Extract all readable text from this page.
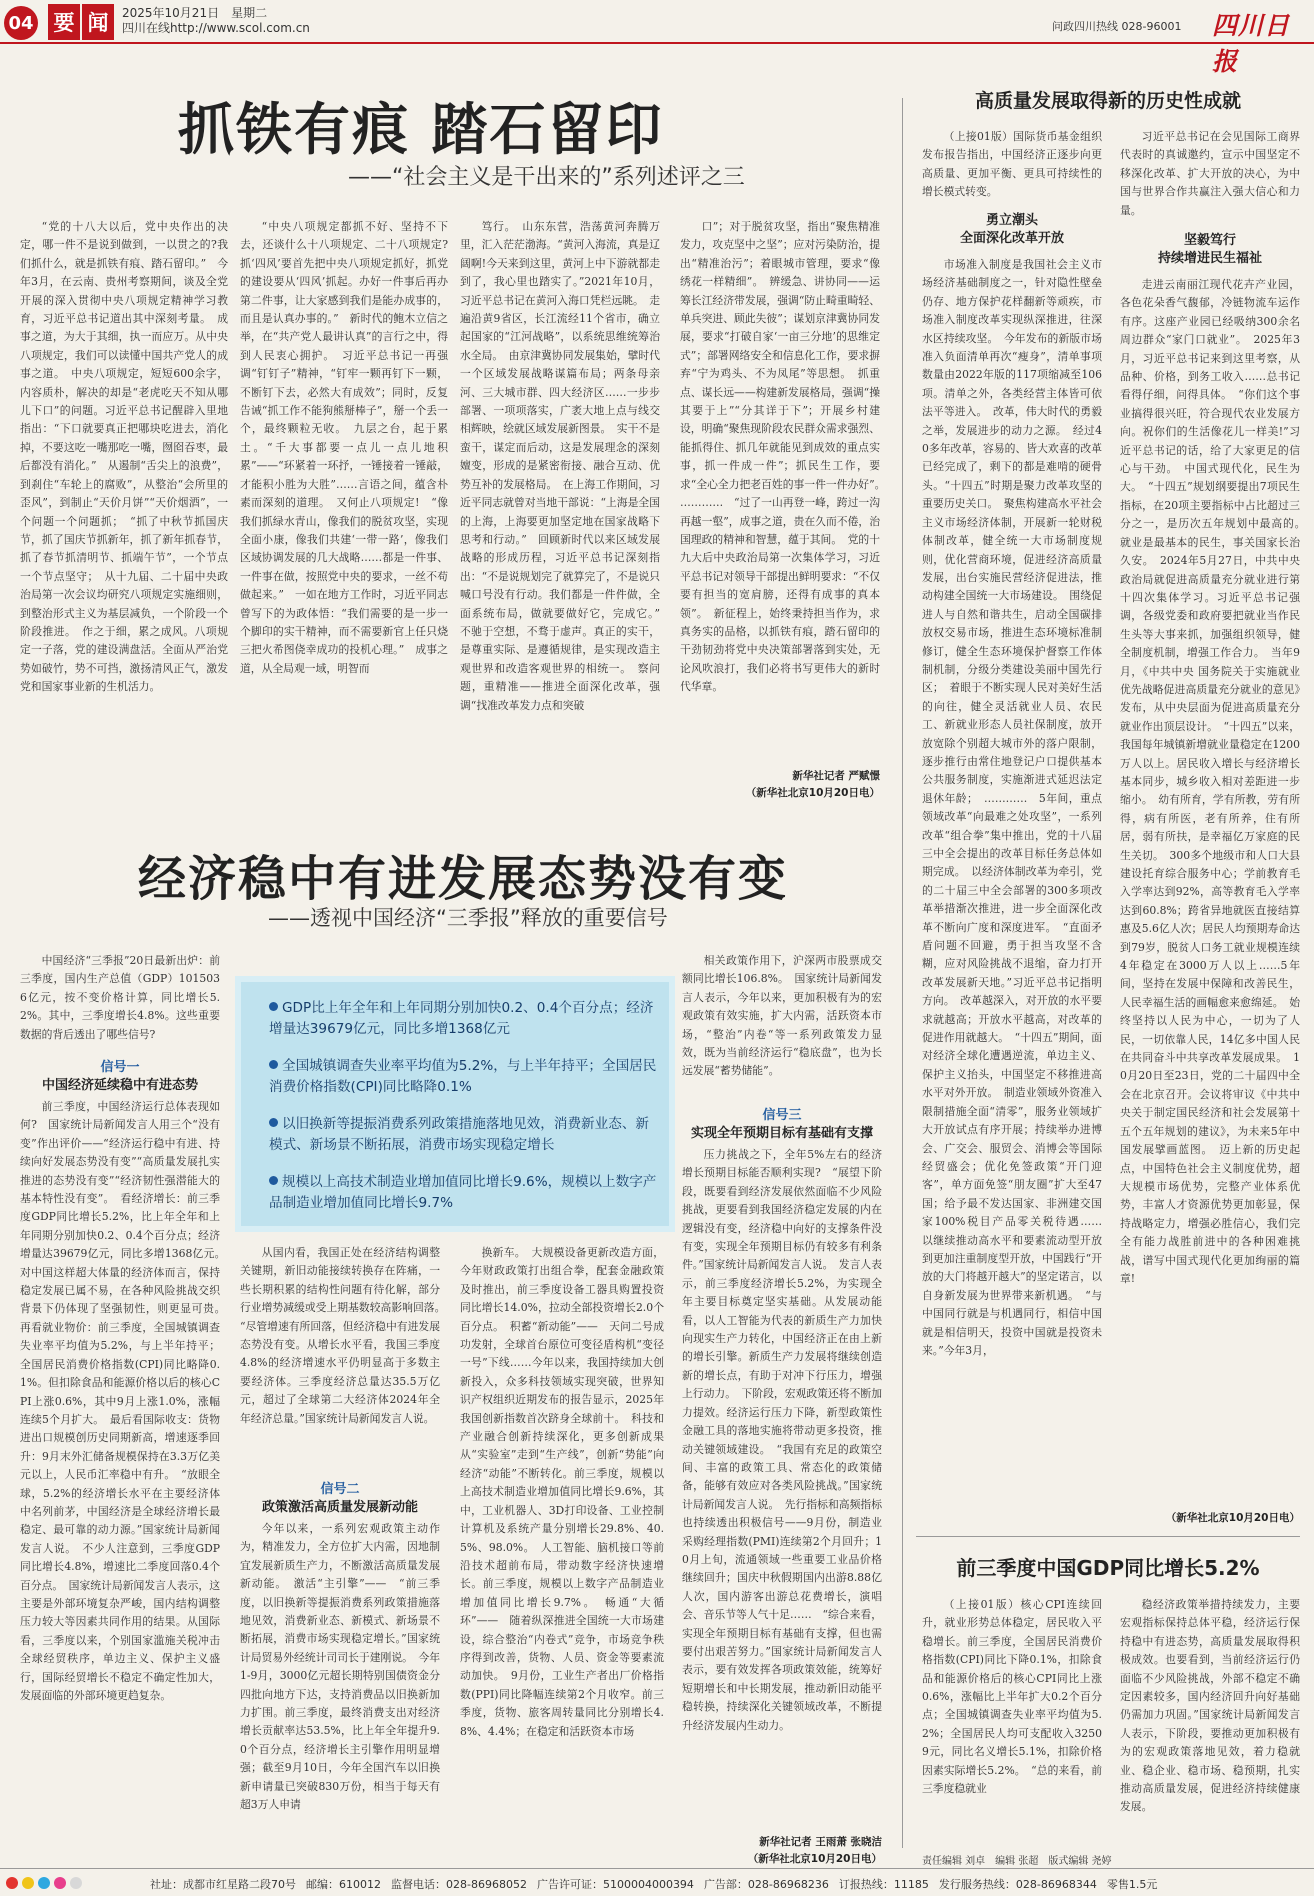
04 要 闻	2025年10月21日　 星期二
四川在线http://www.scol.com.cn	问政四川热线 028-96001 四川日报
抓铁有痕 踏石留印
——“社会主义是干出来的”系列述评之三
“党的十八大以后，党中央作出的决定，哪一件不是说到做到，一以贯之的?我们抓什么，就是抓铁有痕、踏石留印。”　今年3月，在云南、贵州考察期间，谈及全党开展的深入贯彻中央八项规定精神学习教育，习近平总书记道出其中深刻考量。　成事之道，为大于其细，执一而应万。从中央八项规定，我们可以读懂中国共产党人的成事之道。　中央八项规定，短短600余字，内容质朴，解决的却是“老虎吃天不知从哪儿下口”的问题。习近平总书记醒辟入里地指出：“下口就要真正把哪块吃进去，消化掉，不要这吃一嘴那吃一嘴，囫囵吞枣，最后都没有消化。”　从遏制“舌尖上的浪费”，到刹住“车轮上的腐败”，从整治“会所里的歪风”，到制止“天价月饼”“天价烟酒”，一个问题一个问题抓；　“抓了中秋节抓国庆节，抓了国庆节抓新年，抓了新年抓春节，抓了春节抓清明节、抓端午节”，一个节点一个节点坚守；　从十九届、二十届中央政治局第一次会议均研究八项规定实施细则，到整治形式主义为基层减负，一个阶段一个阶段推进。　作之于细，累之成风。八项规定一子落，党的建设满盘活。全面从严治党势如破竹，势不可挡，激扬清风正气，激发党和国家事业新的生机活力。
“中央八项规定都抓不好、坚持不下去，还谈什么十八项规定、二十八项规定?抓‘四风’要首先把中央八项规定抓好，抓党的建设要从‘四风’抓起。办好一件事后再办第二件事，让大家感到我们是能办成事的，而且是认真办事的。”　新时代的鲍木立信之举，在“共产党人最讲认真”的言行之中，得到人民衷心拥护。　习近平总书记一再强调“钉钉子”精神，“钉牢一颗再钉下一颗，不断钉下去，必然大有成效”；同时，反复告诫“抓工作不能狗熊掰棒子”，掰一个丢一个，最终颗粒无收。　九层之台，起于累土。“千大事都要一点儿一点儿地积累”——“环紧着一环抒，一锤接着一锤敲，才能积小胜为大胜”……言语之间，蕴含朴素而深刻的道理。　又何止八项规定!　“像我们抓绿水青山，像我们的脱贫攻坚，实现全面小康，像我们共建‘一带一路’，像我们区域协调发展的几大战略……都是一件事、一件事在做，按照党中央的要求，一丝不苟做起来。”　一如在地方工作时，习近平同志曾写下的为政体悟：“我们需要的是一步一个脚印的实干精神，而不需要新官上任只烧三把火希图侥幸成功的投机心理。”　成事之道，从全局观一域，明智而
笃行。　山东东营，浩荡黄河奔腾万里，汇入茫茫渤海。“黄河入海流，真是辽阔啊!今天来到这里，黄河上中下游就都走到了，我心里也踏实了。”2021年10月，习近平总书记在黄河入海口凭栏远眺。　走遍沿黄9省区，长江流经11个省市，确立起国家的“江河战略”，以系统思维统筹治水全局。　由京津冀协同发展集始，擘时代一个区域发展战略谋篇布局；两条母亲河、三大城市群、四大经济区……一步步部署、一项项落实，广袤大地上点与线交相辉映，绘就区域发展新图景。　实干不是蛮干，谋定而后动，这是发展理念的深刻嬗变，形成的是紧密衔接、融合互动、优势互补的发展格局。　在上海工作期间，习近平同志就曾对当地干部说：“上海是全国的上海，上海要更加坚定地在国家战略下思考和行动。”　回顾新时代以来区域发展战略的形成历程，习近平总书记深刻指出：“不是说规划完了就算完了，不是说只喊口号没有行动。我们都是一件件做，全面系统布局，做就要做好它，完成它。”　不驰于空想，不骛于虚声。真正的实干，是尊重实际、是遵循规律，是实现改造主观世界和改造客观世界的相统一。　察问题，重精准——推进全面深化改革，强调“找准改革发力点和突破
口”；对于脱贫攻坚，指出“聚焦精准发力，攻克坚中之坚”；应对污染防治，提出“精准治污”；着眼城市管理，要求“像绣花一样精细”。　辨缓急、讲协同——运筹长江经济带发展，强调“防止畸重畸轻、单兵突进、顾此失彼”；谋划京津冀协同发展，要求“打破自家‘一亩三分地’的思维定式”；部署网络安全和信息化工作，要求摒弃“宁为鸡头、不为凤尾”等思想。　抓重点、谋长远——构建新发展格局，强调“操其要于上”“分其详于下”；开展乡村建设，明确“聚焦现阶段农民群众需求强烈、能抓得住、抓几年就能见到成效的重点实事，抓一件成一件”；抓民生工作，要求“全心全力把老百姓的事一件一件办好”。　…………　“过了一山再登一峰，跨过一沟再越一壑”，成事之道，贵在久而不倦，治国理政的精神和智慧，蕴于其间。　党的十九大后中央政治局第一次集体学习，习近平总书记对领导干部提出鲜明要求：“不仅要有担当的宽肩膀，还得有成事的真本领”。　新征程上，始终秉持担当作为，求真务实的品格，以抓铁有痕，踏石留印的干劲韧劲将党中央决策部署落到实处，无论风吹浪打，我们必将书写更伟大的新时代华章。
新华社记者 严赋憬
（新华社北京10月20日电）
经济稳中有进发展态势没有变
——透视中国经济“三季报”释放的重要信号
中国经济“三季报”20日最新出炉：前三季度，国内生产总值（GDP）1015036亿元，按不变价格计算，同比增长5.2%。其中，三季度增长4.8%。这些重要数据的背后透出了哪些信号?
信号一
中国经济延续稳中有进态势
前三季度，中国经济运行总体表现如何?　国家统计局新闻发言人用三个“没有变”作出评价——“经济运行稳中有进、持续向好发展态势没有变”“高质量发展扎实推进的态势没有变”“经济韧性强潜能大的基本特性没有变”。　看经济增长：前三季度GDP同比增长5.2%，比上年全年和上年同期分别加快0.2、0.4个百分点；经济增量达39679亿元，同比多增1368亿元。　对中国这样超大体量的经济体而言，保持稳定发展已属不易，在各种风险挑战交织背景下仍体现了坚强韧性，则更显可贵。　再看就业物价：前三季度，全国城镇调查失业率平均值为5.2%，与上半年持平；全国居民消费价格指数(CPI)同比略降0.1%。但扣除食品和能源价格以后的核心CPI上涨0.6%，其中9月上涨1.0%，涨幅连续5个月扩大。　最后看国际收支：货物进出口规模创历史同期新高，增速逐季回升：9月末外汇储备规模保持在3.3万亿美元以上，人民币汇率稳中有升。　“放眼全球，5.2%的经济增长水平在主要经济体中名列前茅，中国经济是全球经济增长最稳定、最可靠的动力源。”国家统计局新闻发言人说。　不少人注意到，三季度GDP同比增长4.8%，增速比二季度回落0.4个百分点。　国家统计局新闻发言人表示，这主要是外部环境复杂严峻，国内结构调整压力较大等因素共同作用的结果。从国际看，三季度以来，个别国家滥施关税冲击全球经贸秩序，单边主义、保护主义盛行，国际经贸增长不稳定不确定性加大，发展面临的外部环境更趋复杂。
GDP比上年全年和上年同期分别加快0.2、0.4个百分点；经济增量达39679亿元，同比多增1368亿元
全国城镇调查失业率平均值为5.2%，与上半年持平；全国居民消费价格指数(CPI)同比略降0.1%
以旧换新等提振消费系列政策措施落地见效，消费新业态、新模式、新场景不断拓展，消费市场实现稳定增长
规模以上高技术制造业增加值同比增长9.6%，规模以上数字产品制造业增加值同比增长9.7%
相关政策作用下，沪深两市股票成交额同比增长106.8%。　国家统计局新闻发言人表示，今年以来，更加积极有为的宏观政策有效实施，扩大内需，活跃资本市场，“整治”内卷“等一系列政策发力显效，既为当前经济运行“稳底盘”，也为长远发展“蓄势储能”。
信号三
实现全年预期目标有基础有支撑
压力挑战之下，全年5%左右的经济增长预期目标能否顺利实现?　“展望下阶段，既要看到经济发展依然面临不少风险挑战，更要看到我国经济稳定发展的内在逻辑没有变，经济稳中向好的支撑条件没有变，实现全年预期目标仍有较多有利条件。”国家统计局新闻发言人说。　发言人表示，前三季度经济增长5.2%，为实现全年主要目标奠定坚实基础。从发展动能看，以人工智能为代表的新质生产力加快向现实生产力转化，中国经济正在由上新的增长引擎。新质生产力发展将继续创造新的增长点，有助于对冲下行压力，增强上行动力。　下阶段，宏观政策还将不断加力提效。经济运行压力下降，新型政策性金融工具的落地实施将带动更多投资，推动关键领域建设。　“我国有充足的政策空间、丰富的政策工具、常态化的政策储备，能够有效应对各类风险挑战。”国家统计局新闻发言人说。　先行指标和高频指标也持续透出积极信号——9月份，制造业采购经理指数(PMI)连续第2个月回升；10月上旬，流通领域一些重要工业品价格继续回升；国庆中秋假期国内出游8.88亿人次，国内游客出游总花费增长，演唱会、音乐节等人气十足……　“综合来看，实现全年预期目标有基础有支撑，但也需要付出艰苦努力。”国家统计局新闻发言人表示，要有效发挥各项政策效能，统筹好短期增长和中长期发展，推动新旧动能平稳转换，持续深化关键领域改革，不断提升经济发展内生动力。
新华社记者 王雨萧 张晓洁
（新华社北京10月20日电）
从国内看，我国正处在经济结构调整关键期，新旧动能接续转换存在阵痛，一些长期积累的结构性问题有待化解，部分行业增势减缓或受上期基数较高影响回落。　“尽管增速有所回落，但经济稳中有进发展态势没有变。从增长水平看，我国三季度4.8%的经济增速水平仍明显高于多数主要经济体。三季度经济总量达35.5万亿元，超过了全球第二大经济体2024年全年经济总量。”国家统计局新闻发言人说。
信号二
政策激活高质量发展新动能
今年以来，一系列宏观政策主动作为，精准发力，全方位扩大内需，因地制宜发展新质生产力，不断激活高质量发展新动能。　激活“主引擎”——　“前三季度，以旧换新等提振消费系列政策措施落地见效，消费新业态、新模式、新场景不断拓展，消费市场实现稳定增长。”国家统计局贸易外经统计司司长于建刚说。　今年1-9月，3000亿元超长期特别国债资金分四批向地方下达，支持消费品以旧换新加力扩围。前三季度，最终消费支出对经济增长贡献率达53.5%，比上年全年提升9.0个百分点，经济增长主引擎作用明显增强；截至9月10日，今年全国汽车以旧换新申请量已突破830万份，相当于每天有超3万人申请
换新车。　大规模设备更新改造方面，今年财政政策打出组合拳，配套金融政策及时推出，前三季度设备工器具购置投资同比增长14.0%，拉动全部投资增长2.0个百分点。　积蓄“新动能”——　天问二号成功发射，全球首台原位可变径盾构机“变径一号”下线……今年以来，我国持续加大创新投入，众多科技领域实现突破，世界知识产权组织近期发布的报告显示，2025年我国创新指数首次跻身全球前十。　科技和产业融合创新持续深化，更多创新成果从“实验室”走到“生产线”，创新“势能”向经济“动能”不断转化。前三季度，规模以上高技术制造业增加值同比增长9.6%，其中，工业机器人、3D打印设备、工业控制计算机及系统产量分别增长29.8%、40.5%、98.0%。　人工智能、脑机接口等前沿技术超前布局，带动数字经济快速增长。前三季度，规模以上数字产品制造业增加值同比增长9.7%。　畅通“大循环”——　随着纵深推进全国统一大市场建设，综合整治“内卷式”竞争，市场竞争秩序得到改善，货物、人员、资金等要素流动加快。　9月份，工业生产者出厂价格指数(PPI)同比降幅连续第2个月收窄。前三季度，货物、旅客周转量同比分别增长4.8%、4.4%；在稳定和活跃资本市场
高质量发展取得新的历史性成就
（上接01版）国际货币基金组织发布报告指出，中国经济正逐步向更高质量、更加平衡、更具可持续性的增长模式转变。
勇立潮头
全面深化改革开放
市场准入制度是我国社会主义市场经济基础制度之一，针对隐性壁垒仍存、地方保护花样翻新等顽疾，市场准入制度改革实现纵深推进，往深水区持续攻坚。　今年发布的新版市场准入负面清单再次“瘦身”，清单事项数量由2022年版的117项缩减至106项。清单之外，各类经营主体皆可依法平等进入。　改革，伟大时代的勇毅之举，发展进步的动力之源。　经过40多年改革，容易的、皆大欢喜的改革已经完成了，剩下的都是难啃的硬骨头。“十四五”时期是聚力改革攻坚的重要历史关口。　聚焦构建高水平社会主义市场经济体制，开展新一轮财税体制改革，健全统一大市场制度规则，优化营商环境，促进经济高质量发展，出台实施民营经济促进法，推动构建全国统一大市场建设。　围绕促进人与自然和谐共生，启动全国碳排放权交易市场，推进生态环境标准制修订，健全生态环境保护督察工作体制机制，分级分类建设美丽中国先行区；　着眼于不断实现人民对美好生活的向往，健全灵活就业人员、农民工、新就业形态人员社保制度，放开放宽除个别超大城市外的落户限制，逐步推行由常住地登记户口提供基本公共服务制度，实施渐进式延迟法定退休年龄；　…………　5年间，重点领域改革“向最难之处攻坚”，一系列改革“组合拳”集中推出，党的十八届三中全会提出的改革目标任务总体如期完成。　以经济体制改革为牵引，党的二十届三中全会部署的300多项改革举措渐次推进，进一步全面深化改革不断向广度和深度进军。　“直面矛盾问题不回避，勇于担当攻坚不含糊，应对风险挑战不退缩，奋力打开改革发展新天地。”习近平总书记指明方向。　改革越深入，对开放的水平要求就越高；开放水平越高，对改革的促进作用就越大。　“十四五”期间，面对经济全球化遭遇逆流，单边主义、保护主义抬头，中国坚定不移推进高水平对外开放。　制造业领域外资准入限制措施全面“清零”，服务业领域扩大开放试点有序开展；持续举办进博会、广交会、服贸会、消博会等国际经贸盛会；优化免签政策“开门迎客”，单方面免签“朋友圈”扩大至47国；给予最不发达国家、非洲建交国家100%税目产品零关税待遇……　以继续推动高水平和要素流动型开放到更加注重制度型开放，中国践行“开放的大门将越开越大”的坚定诺言，以自身新发展为世界带来新机遇。　“与中国同行就是与机遇同行，相信中国就是相信明天，投资中国就是投资未来。”今年3月，
习近平总书记在会见国际工商界代表时的真诚邀约，宣示中国坚定不移深化改革、扩大开放的决心，为中国与世界合作共赢注入强大信心和力量。
坚毅笃行
持续增进民生福祉
走进云南丽江现代花卉产业园，各色花朵香气馥郁，冷链物流车运作有序。这座产业园已经吸纳300余名周边群众“家门口就业”。　2025年3月，习近平总书记来到这里考察，从品种、价格，到务工收入……总书记看得仔细，问得具体。　“你们这个事业搞得很兴旺，符合现代农业发展方向。祝你们的生活像花儿一样美!”习近平总书记的话，给了大家更足的信心与干劲。　中国式现代化，民生为大。　“十四五”规划纲要提出7项民生指标，在20项主要指标中占比超过三分之一，是历次五年规划中最高的。　就业是最基本的民生，事关国家长治久安。　2024年5月27日，中共中央政治局就促进高质量充分就业进行第十四次集体学习。习近平总书记强调，各级党委和政府要把就业当作民生头等大事来抓，加强组织领导，健全制度机制，增强工作合力。　当年9月，《中共中央 国务院关于实施就业优先战略促进高质量充分就业的意见》发布，从中央层面为促进高质量充分就业作出顶层设计。　“十四五”以来，我国每年城镇新增就业量稳定在1200万人以上。居民收入增长与经济增长基本同步，城乡收入相对差距进一步缩小。　幼有所育，学有所教，劳有所得，病有所医，老有所养，住有所居，弱有所扶，是幸福亿万家庭的民生关切。　300多个地级市和人口大县建设托育综合服务中心；学前教育毛入学率达到92%，高等教育毛入学率达到60.8%；跨省异地就医直接结算惠及5.6亿人次；居民人均预期寿命达到79岁，脱贫人口务工就业规模连续4年稳定在3000万人以上……5年间，坚持在发展中保障和改善民生，人民幸福生活的画幅愈来愈绵延。　始终坚持以人民为中心，一切为了人民，一切依靠人民，14亿多中国人民在共同奋斗中共享改革发展成果。　10月20日至23日，党的二十届四中全会在北京召开。会议将审议《中共中央关于制定国民经济和社会发展第十五个五年规划的建议》，为未来5年中国发展擘画蓝图。　迈上新的历史起点，中国特色社会主义制度优势，超大规模市场优势，完整产业体系优势，丰富人才资源优势更加彰显，保持战略定力，增强必胜信心，我们完全有能力战胜前进中的各种困难挑战，谱写中国式现代化更加绚丽的篇章!
（新华社北京10月20日电）
前三季度中国GDP同比增长5.2%
（上接01版）核心CPI连续回升，就业形势总体稳定，居民收入平稳增长。前三季度，全国居民消费价格指数(CPI)同比下降0.1%，扣除食品和能源价格后的核心CPI同比上涨0.6%，涨幅比上半年扩大0.2个百分点；全国城镇调查失业率平均值为5.2%；全国居民人均可支配收入32509元，同比名义增长5.1%，扣除价格因素实际增长5.2%。　“总的来看，前三季度稳就业
稳经济政策举措持续发力，主要宏观指标保持总体平稳，经济运行保持稳中有进态势，高质量发展取得积极成效。也要看到，当前经济运行仍面临不少风险挑战，外部不稳定不确定因素较多，国内经济回升向好基础仍需加力巩固。”国家统计局新闻发言人表示，下阶段，要推动更加积极有为的宏观政策落地见效，着力稳就业、稳企业、稳市场、稳预期，扎实推动高质量发展，促进经济持续健康发展。
责任编辑 刘卓　编辑 张超　版式编辑 尧婷
社址：成都市红星路二段70号 邮编：610012 监督电话：028-86968052 广告许可证：5100004000394 广告部：028-86968236 订报热线：11185 发行服务热线：028-86968344 零售1.5元
